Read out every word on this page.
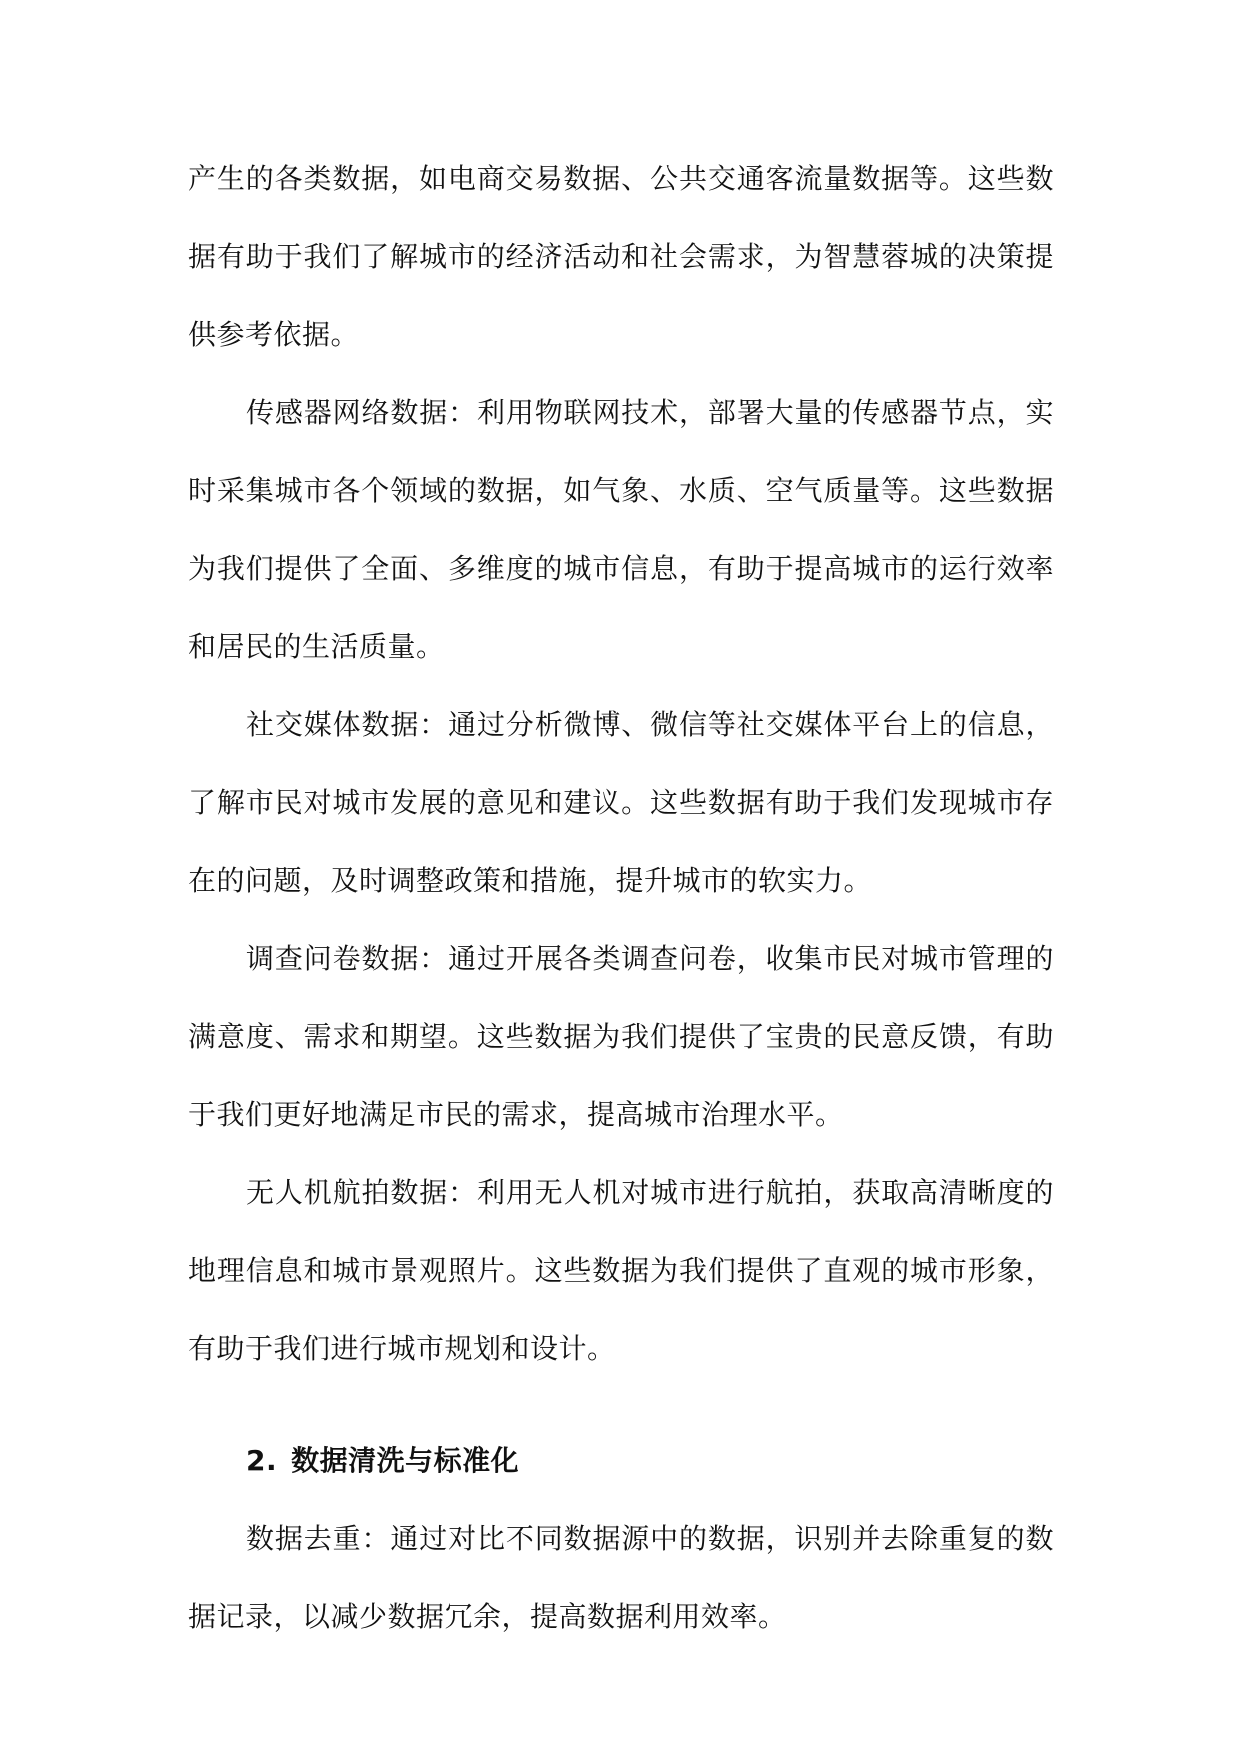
产生的各类数据，如电商交易数据、公共交通客流量数据等。这些数据有助于我们了解城市的经济活动和社会需求，为智慧蓉城的决策提供参考依据。

传感器网络数据：利用物联网技术，部署大量的传感器节点，实时采集城市各个领域的数据，如气象、水质、空气质量等。这些数据为我们提供了全面、多维度的城市信息，有助于提高城市的运行效率和居民的生活质量。

社交媒体数据：通过分析微博、微信等社交媒体平台上的信息，了解市民对城市发展的意见和建议。这些数据有助于我们发现城市存在的问题，及时调整政策和措施，提升城市的软实力。

调查问卷数据：通过开展各类调查问卷，收集市民对城市管理的满意度、需求和期望。这些数据为我们提供了宝贵的民意反馈，有助于我们更好地满足市民的需求，提高城市治理水平。

无人机航拍数据：利用无人机对城市进行航拍，获取高清晰度的地理信息和城市景观照片。这些数据为我们提供了直观的城市形象，有助于我们进行城市规划和设计。

2. 数据清洗与标准化

数据去重：通过对比不同数据源中的数据，识别并去除重复的数据记录，以减少数据冗余，提高数据利用效率。
